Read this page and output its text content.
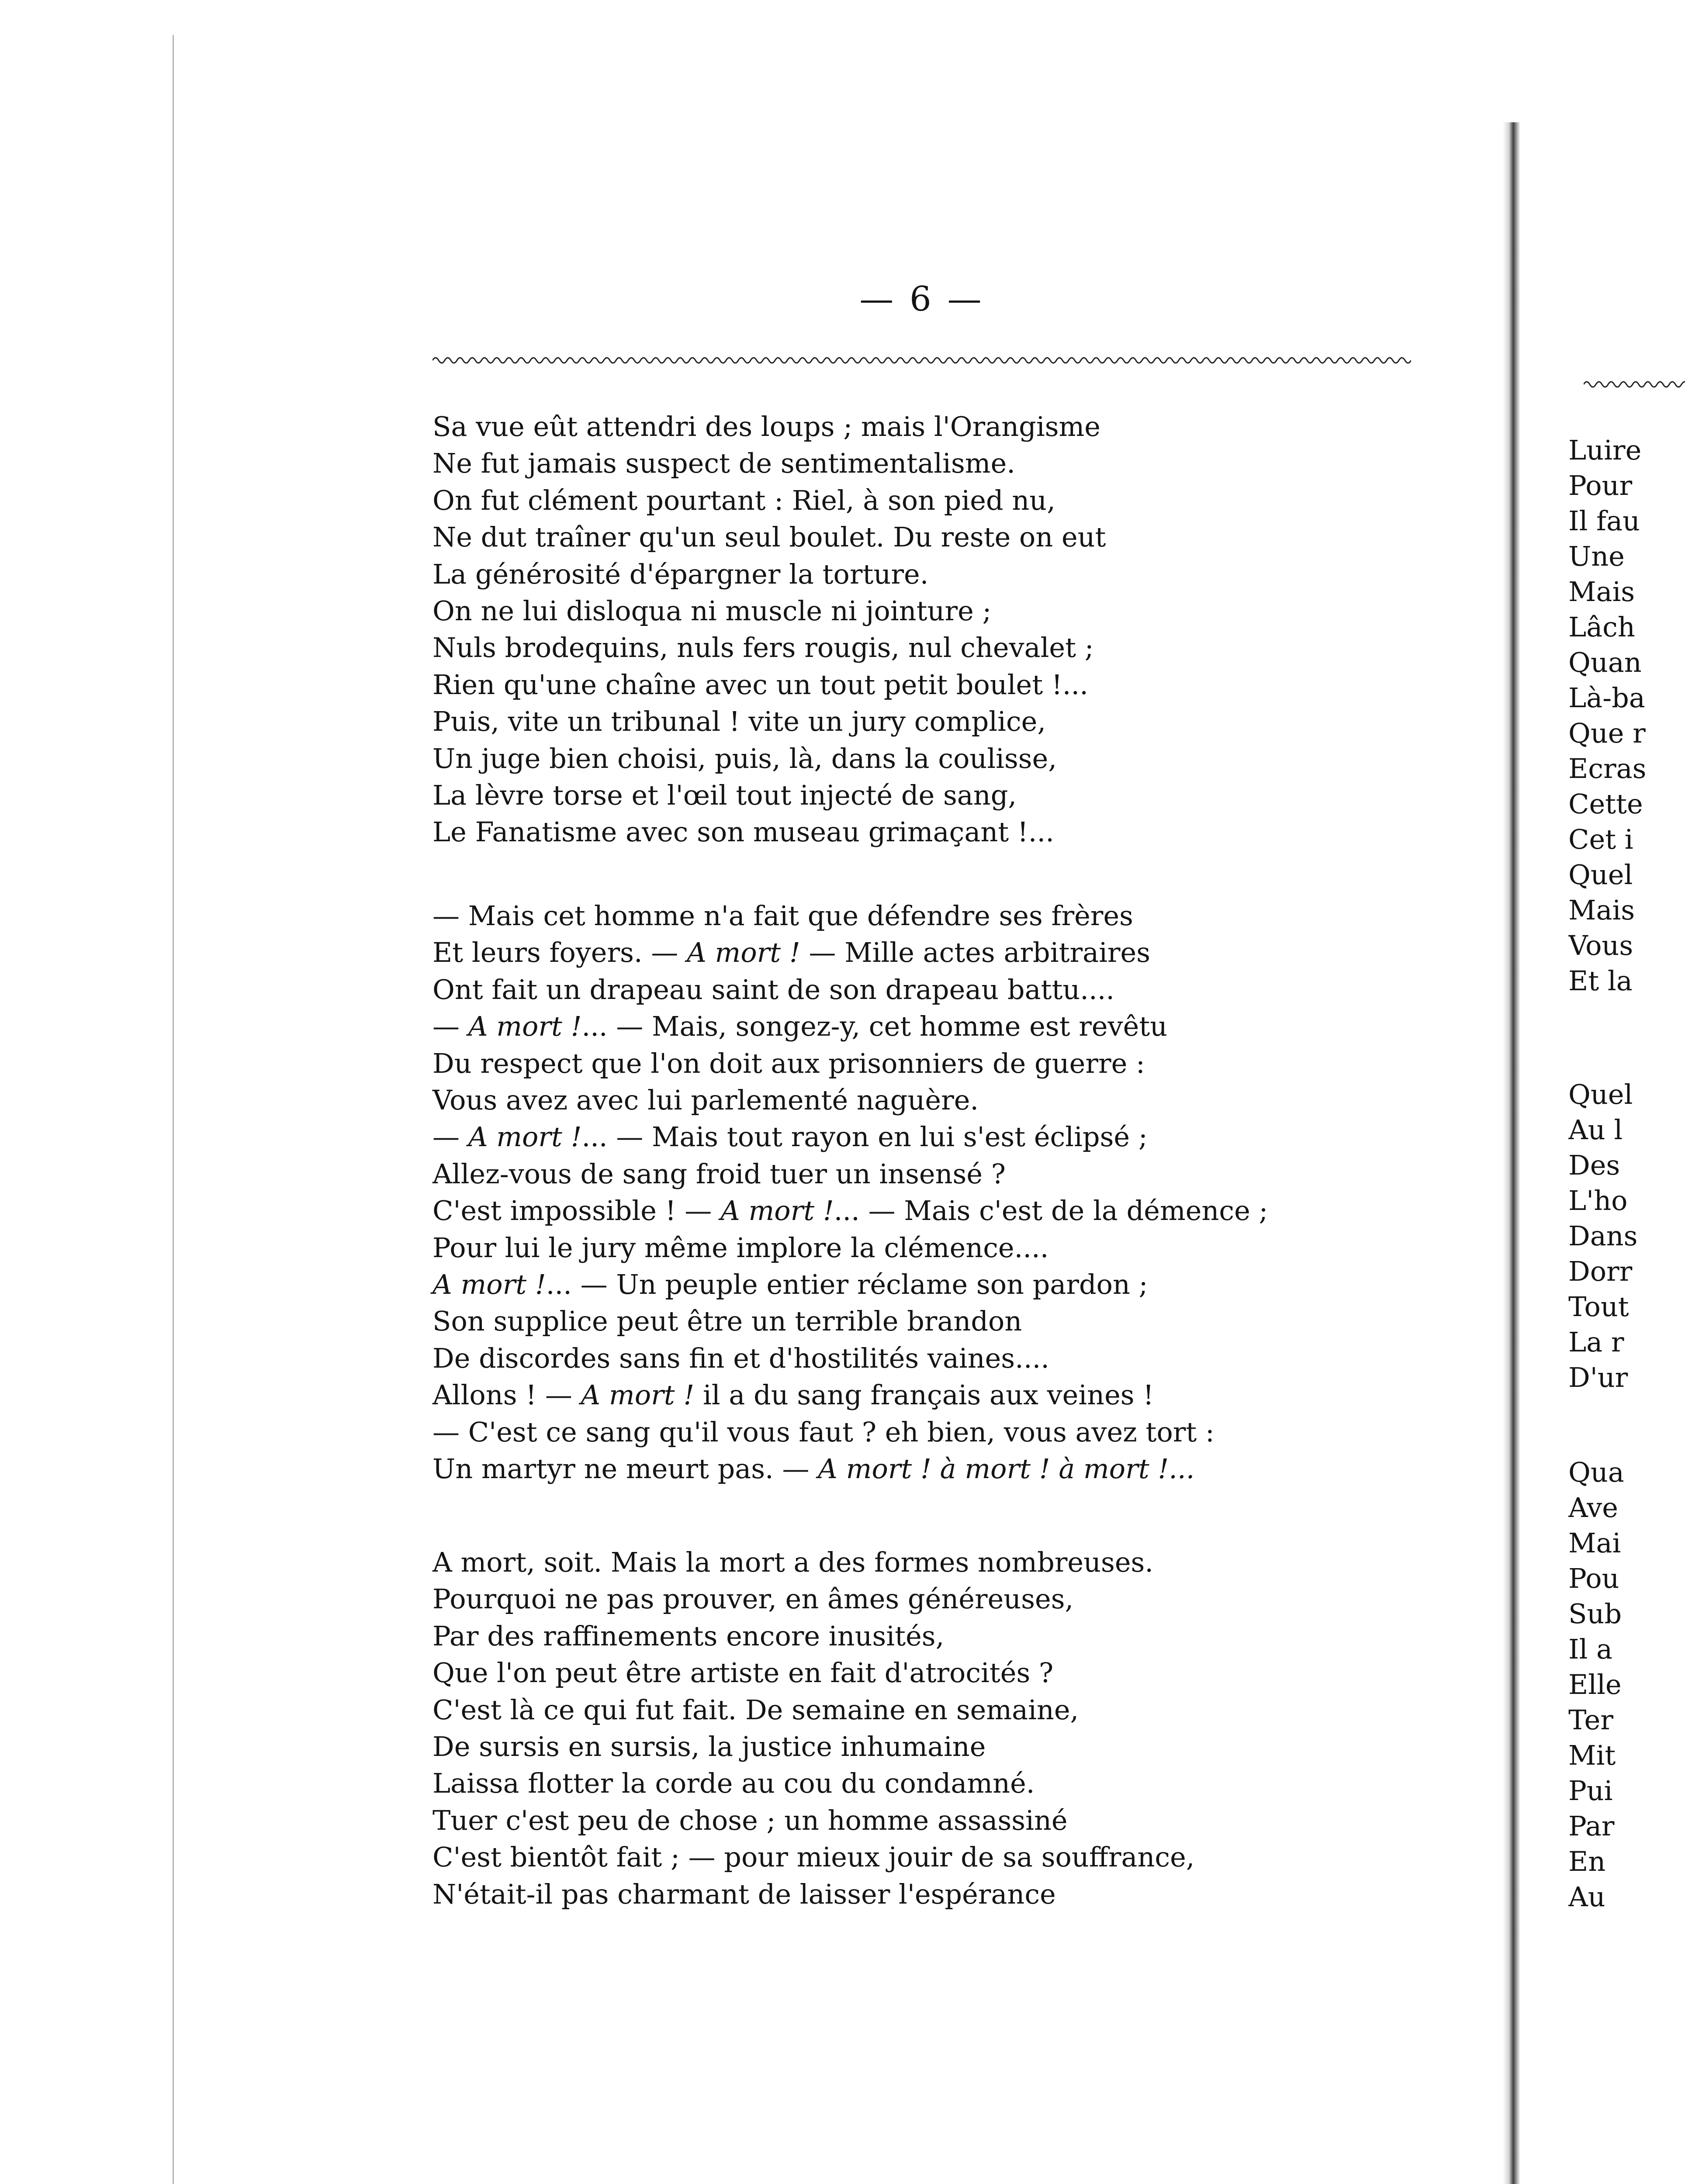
— 6 —
Sa vue eût attendri des loups ; mais l'Orangisme
Ne fut jamais suspect de sentimentalisme.
On fut clément pourtant : Riel, à son pied nu,
Ne dut traîner qu'un seul boulet. Du reste on eut
La générosité d'épargner la torture.
On ne lui disloqua ni muscle ni jointure ;
Nuls brodequins, nuls fers rougis, nul chevalet ;
Rien qu'une chaîne avec un tout petit boulet !...
Puis, vite un tribunal ! vite un jury complice,
Un juge bien choisi, puis, là, dans la coulisse,
La lèvre torse et l'œil tout injecté de sang,
Le Fanatisme avec son museau grimaçant !...
— Mais cet homme n'a fait que défendre ses frères
Et leurs foyers. — A mort ! — Mille actes arbitraires
Ont fait un drapeau saint de son drapeau battu....
— A mort !... — Mais, songez-y, cet homme est revêtu
Du respect que l'on doit aux prisonniers de guerre :
Vous avez avec lui parlementé naguère.
— A mort !... — Mais tout rayon en lui s'est éclipsé ;
Allez-vous de sang froid tuer un insensé ?
C'est impossible ! — A mort !... — Mais c'est de la démence ;
Pour lui le jury même implore la clémence....
A mort !... — Un peuple entier réclame son pardon ;
Son supplice peut être un terrible brandon
De discordes sans fin et d'hostilités vaines....
Allons ! — A mort ! il a du sang français aux veines !
— C'est ce sang qu'il vous faut ? eh bien, vous avez tort :
Un martyr ne meurt pas. — A mort ! à mort ! à mort !...
A mort, soit. Mais la mort a des formes nombreuses.
Pourquoi ne pas prouver, en âmes généreuses,
Par des raffinements encore inusités,
Que l'on peut être artiste en fait d'atrocités ?
C'est là ce qui fut fait. De semaine en semaine,
De sursis en sursis, la justice inhumaine
Laissa flotter la corde au cou du condamné.
Tuer c'est peu de chose ; un homme assassiné
C'est bientôt fait ; — pour mieux jouir de sa souffrance,
N'était-il pas charmant de laisser l'espérance
Luire
Pour
Il fau
Une
Mais
Lâch
Quan
Là-ba
Que r
Ecras
Cette
Cet i
Quel
Mais
Vous
Et la
Quel
Au l
Des
L'ho
Dans
Dorr
Tout
La r
D'ur
Qua
Ave
Mai
Pou
Sub
Il a
Elle
Ter
Mit
Pui
Par
En
Au
